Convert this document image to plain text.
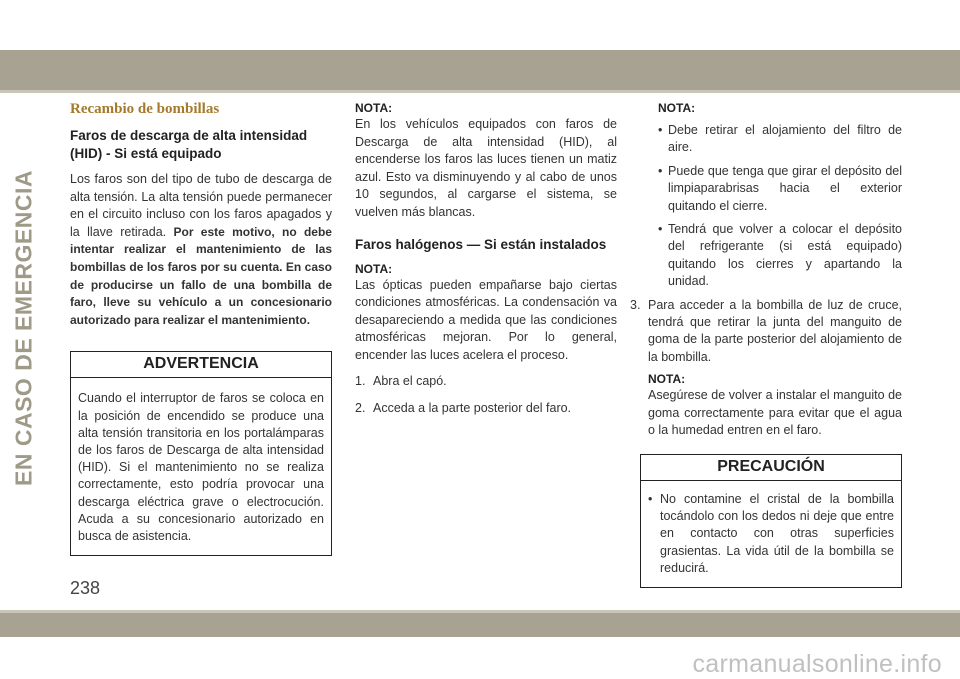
EN CASO DE EMERGENCIA
Recambio de bombillas
Faros de descarga de alta intensidad (HID) - Si está equipado

Los faros son del tipo de tubo de descarga de alta tensión. La alta tensión puede permanecer en el circuito incluso con los faros apagados y la llave retirada. Por este motivo, no debe intentar realizar el mantenimiento de las bombillas de los faros por su cuenta. En caso de producirse un fallo de una bombilla de faro, lleve su vehículo a un concesionario autorizado para realizar el mantenimiento.

ADVERTENCIA
Cuando el interruptor de faros se coloca en la posición de encendido se produce una alta tensión transitoria en los portalámparas de los faros de Descarga de alta intensidad (HID). Si el mantenimiento no se realiza correctamente, esto podría provocar una descarga eléctrica grave o electrocución. Acuda a su concesionario autorizado en busca de asistencia.
NOTA:

En los vehículos equipados con faros de Descarga de alta intensidad (HID), al encenderse los faros las luces tienen un matiz azul. Esto va disminuyendo y al cabo de unos 10 segundos, al cargarse el sistema, se vuelven más blancas.

Faros halógenos — Si están instalados
NOTA:

Las ópticas pueden empañarse bajo ciertas condiciones atmosféricas. La condensación va desapareciendo a medida que las condiciones atmosféricas mejoran. Por lo general, encender las luces acelera el proceso.

1. Abra el capó.
2. Acceda a la parte posterior del faro.
NOTA:
• Debe retirar el alojamiento del filtro de aire.
• Puede que tenga que girar el depósito del limpiaparabrisas hacia el exterior quitando el cierre.
• Tendrá que volver a colocar el depósito del refrigerante (si está equipado) quitando los cierres y apartando la unidad.
3. Para acceder a la bombilla de luz de cruce, tendrá que retirar la junta del manguito de goma de la parte posterior del alojamiento de la bombilla.
NOTA:

Asegúrese de volver a instalar el manguito de goma correctamente para evitar que el agua o la humedad entren en el faro.

PRECAUCIÓN
• No contamine el cristal de la bombilla tocándolo con los dedos ni deje que entre en contacto con otras superficies grasientas. La vida útil de la bombilla se reducirá.
238
carmanualsonline.info
